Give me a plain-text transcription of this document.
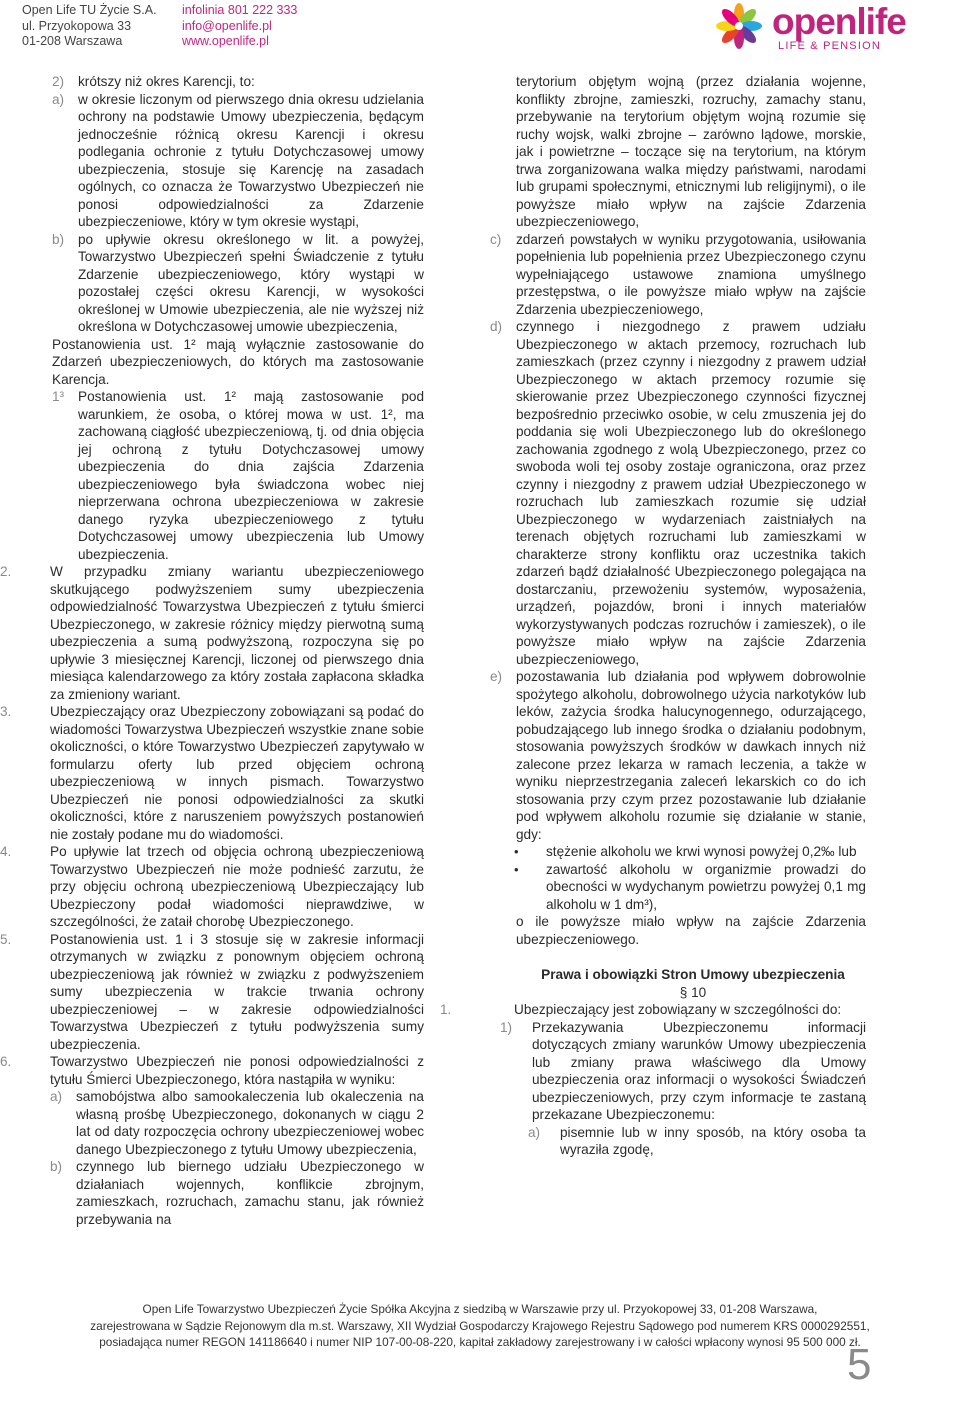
Open Life TU Życie S.A.
ul. Przyokopowa 33
01-208 Warszawa
infolinia 801 222 333
info@openlife.pl
www.openlife.pl	openlife
LIFE & PENSION
2) krótszy niż okres Karencji, to:
a) w okresie liczonym od pierwszego dnia okresu udzielania ochrony na podstawie Umowy ubezpieczenia, będącym jednocześnie różnicą okresu Karencji i okresu podlegania ochronie z tytułu Dotychczasowej umowy ubezpieczenia, stosuje się Karencję na zasadach ogólnych, co oznacza że Towarzystwo Ubezpieczeń nie ponosi odpowiedzialności za Zdarzenie ubezpieczeniowe, który w tym okresie wystąpi,
b) po upływie okresu określonego w lit. a powyżej, Towarzystwo Ubezpieczeń spełni Świadczenie z tytułu Zdarzenie ubezpieczeniowego, który wystąpi w pozostałej części okresu Karencji, w wysokości określonej w Umowie ubezpieczenia, ale nie wyższej niż określona w Dotychczasowej umowie ubezpieczenia,
Postanowienia ust. 1² mają wyłącznie zastosowanie do Zdarzeń ubezpieczeniowych, do których ma zastosowanie Karencja.
1³ Postanowienia ust. 1² mają zastosowanie pod warunkiem, że osoba, o której mowa w ust. 1², ma zachowaną ciągłość ubezpieczeniową, tj. od dnia objęcia jej ochroną z tytułu Dotychczasowej umowy ubezpieczenia do dnia zajścia Zdarzenia ubezpieczeniowego była świadczona wobec niej nieprzerwana ochrona ubezpieczeniowa w zakresie danego ryzyka ubezpieczeniowego z tytułu Dotychczasowej umowy ubezpieczenia lub Umowy ubezpieczenia.
2.	W przypadku zmiany wariantu ubezpieczeniowego skutkującego podwyższeniem sumy ubezpieczenia odpowiedzialność Towarzystwa Ubezpieczeń z tytułu śmierci Ubezpieczonego, w zakresie różnicy między pierwotną sumą ubezpieczenia a sumą podwyższoną, rozpoczyna się po upływie 3 miesięcznej Karencji, liczonej od pierwszego dnia miesiąca kalendarzowego za który została zapłacona składka za zmieniony wariant.
3.	Ubezpieczający oraz Ubezpieczony zobowiązani są podać do wiadomości Towarzystwa Ubezpieczeń wszystkie znane sobie okoliczności, o które Towarzystwo Ubezpieczeń zapytywało w formularzu oferty lub przed objęciem ochroną ubezpieczeniową w innych pismach. Towarzystwo Ubezpieczeń nie ponosi odpowiedzialności za skutki okoliczności, które z naruszeniem powyższych postanowień nie zostały podane mu do wiadomości.
4.	Po upływie lat trzech od objęcia ochroną ubezpieczeniową Towarzystwo Ubezpieczeń nie może podnieść zarzutu, że przy objęciu ochroną ubezpieczeniową Ubezpieczający lub Ubezpieczony podał wiadomości nieprawdziwe, w szczególności, że zataił chorobę Ubezpieczonego.
5.	Postanowienia ust. 1 i 3 stosuje się w zakresie informacji otrzymanych w związku z ponownym objęciem ochroną ubezpieczeniową jak również w związku z podwyższeniem sumy ubezpieczenia w trakcie trwania ochrony ubezpieczeniowej – w zakresie odpowiedzialności Towarzystwa Ubezpieczeń z tytułu podwyższenia sumy ubezpieczenia.
6.	Towarzystwo Ubezpieczeń nie ponosi odpowiedzialności z tytułu Śmierci Ubezpieczonego, która nastąpiła w wyniku:
a) samobójstwa albo samookaleczenia lub okaleczenia na własną prośbę Ubezpieczonego, dokonanych w ciągu 2 lat od daty rozpoczęcia ochrony ubezpieczeniowej wobec danego Ubezpieczonego z tytułu Umowy ubezpieczenia,
b) czynnego lub biernego udziału Ubezpieczonego w działaniach wojennych, konflikcie zbrojnym, zamieszkach, rozruchach, zamachu stanu, jak również przebywania na
terytorium objętym wojną (przez działania wojenne, konflikty zbrojne, zamieszki, rozruchy, zamachy stanu, przebywanie na terytorium objętym wojną rozumie się ruchy wojsk, walki zbrojne – zarówno lądowe, morskie, jak i powietrzne – toczące się na terytorium, na którym trwa zorganizowana walka między państwami, narodami lub grupami społecznymi, etnicznymi lub religijnymi), o ile powyższe miało wpływ na zajście Zdarzenia ubezpieczeniowego,
c) zdarzeń powstałych w wyniku przygotowania, usiłowania popełnienia lub popełnienia przez Ubezpieczonego czynu wypełniającego ustawowe znamiona umyślnego przestępstwa, o ile powyższe miało wpływ na zajście Zdarzenia ubezpieczeniowego,
d) czynnego i niezgodnego z prawem udziału Ubezpieczonego w aktach przemocy, rozruchach lub zamieszkach (przez czynny i niezgodny z prawem udział Ubezpieczonego w aktach przemocy rozumie się skierowanie przez Ubezpieczonego czynności fizycznej bezpośrednio przeciwko osobie, w celu zmuszenia jej do poddania się woli Ubezpieczonego lub do określonego zachowania zgodnego z wolą Ubezpieczonego, przez co swoboda woli tej osoby zostaje ograniczona, oraz przez czynny i niezgodny z prawem udział Ubezpieczonego w rozruchach lub zamieszkach rozumie się udział Ubezpieczonego w wydarzeniach zaistniałych na terenach objętych rozruchami lub zamieszkami w charakterze strony konfliktu oraz uczestnika takich zdarzeń bądź działalność Ubezpieczonego polegająca na dostarczaniu, przewożeniu systemów, wyposażenia, urządzeń, pojazdów, broni i innych materiałów wykorzystywanych podczas rozruchów i zamieszek), o ile powyższe miało wpływ na zajście Zdarzenia ubezpieczeniowego,
e) pozostawania lub działania pod wpływem dobrowolnie spożytego alkoholu, dobrowolnego użycia narkotyków lub leków, zażycia środka halucynogennego, odurzającego, pobudzającego lub innego środka o działaniu podobnym, stosowania powyższych środków w dawkach innych niż zalecone przez lekarza w ramach leczenia, a także w wyniku nieprzestrzegania zaleceń lekarskich co do ich stosowania przy czym przez pozostawanie lub działanie pod wpływem alkoholu rozumie się działanie w stanie, gdy:
• stężenie alkoholu we krwi wynosi powyżej 0,2‰ lub
• zawartość alkoholu w organizmie prowadzi do obecności w wydychanym powietrzu powyżej 0,1 mg alkoholu w 1 dm³),
o ile powyższe miało wpływ na zajście Zdarzenia ubezpieczeniowego.
Prawa i obowiązki Stron Umowy ubezpieczenia
§ 10
1.	Ubezpieczający jest zobowiązany w szczególności do:
1) Przekazywania Ubezpieczonemu informacji dotyczących zmiany warunków Umowy ubezpieczenia lub zmiany prawa właściwego dla Umowy ubezpieczenia oraz informacji o wysokości Świadczeń ubezpieczeniowych, przy czym informacje te zastaną przekazane Ubezpieczonemu:
a) pisemnie lub w inny sposób, na który osoba ta wyraziła zgodę,
Open Life Towarzystwo Ubezpieczeń Życie Spółka Akcyjna z siedzibą w Warszawie przy ul. Przyokopowej 33, 01-208 Warszawa,
zarejestrowana w Sądzie Rejonowym dla m.st. Warszawy, XII Wydział Gospodarczy Krajowego Rejestru Sądowego pod numerem KRS 0000292551,
posiadająca numer REGON 141186640 i numer NIP 107-00-08-220, kapitał zakładowy zarejestrowany i w całości wpłacony wynosi 95 500 000 zł.
5
